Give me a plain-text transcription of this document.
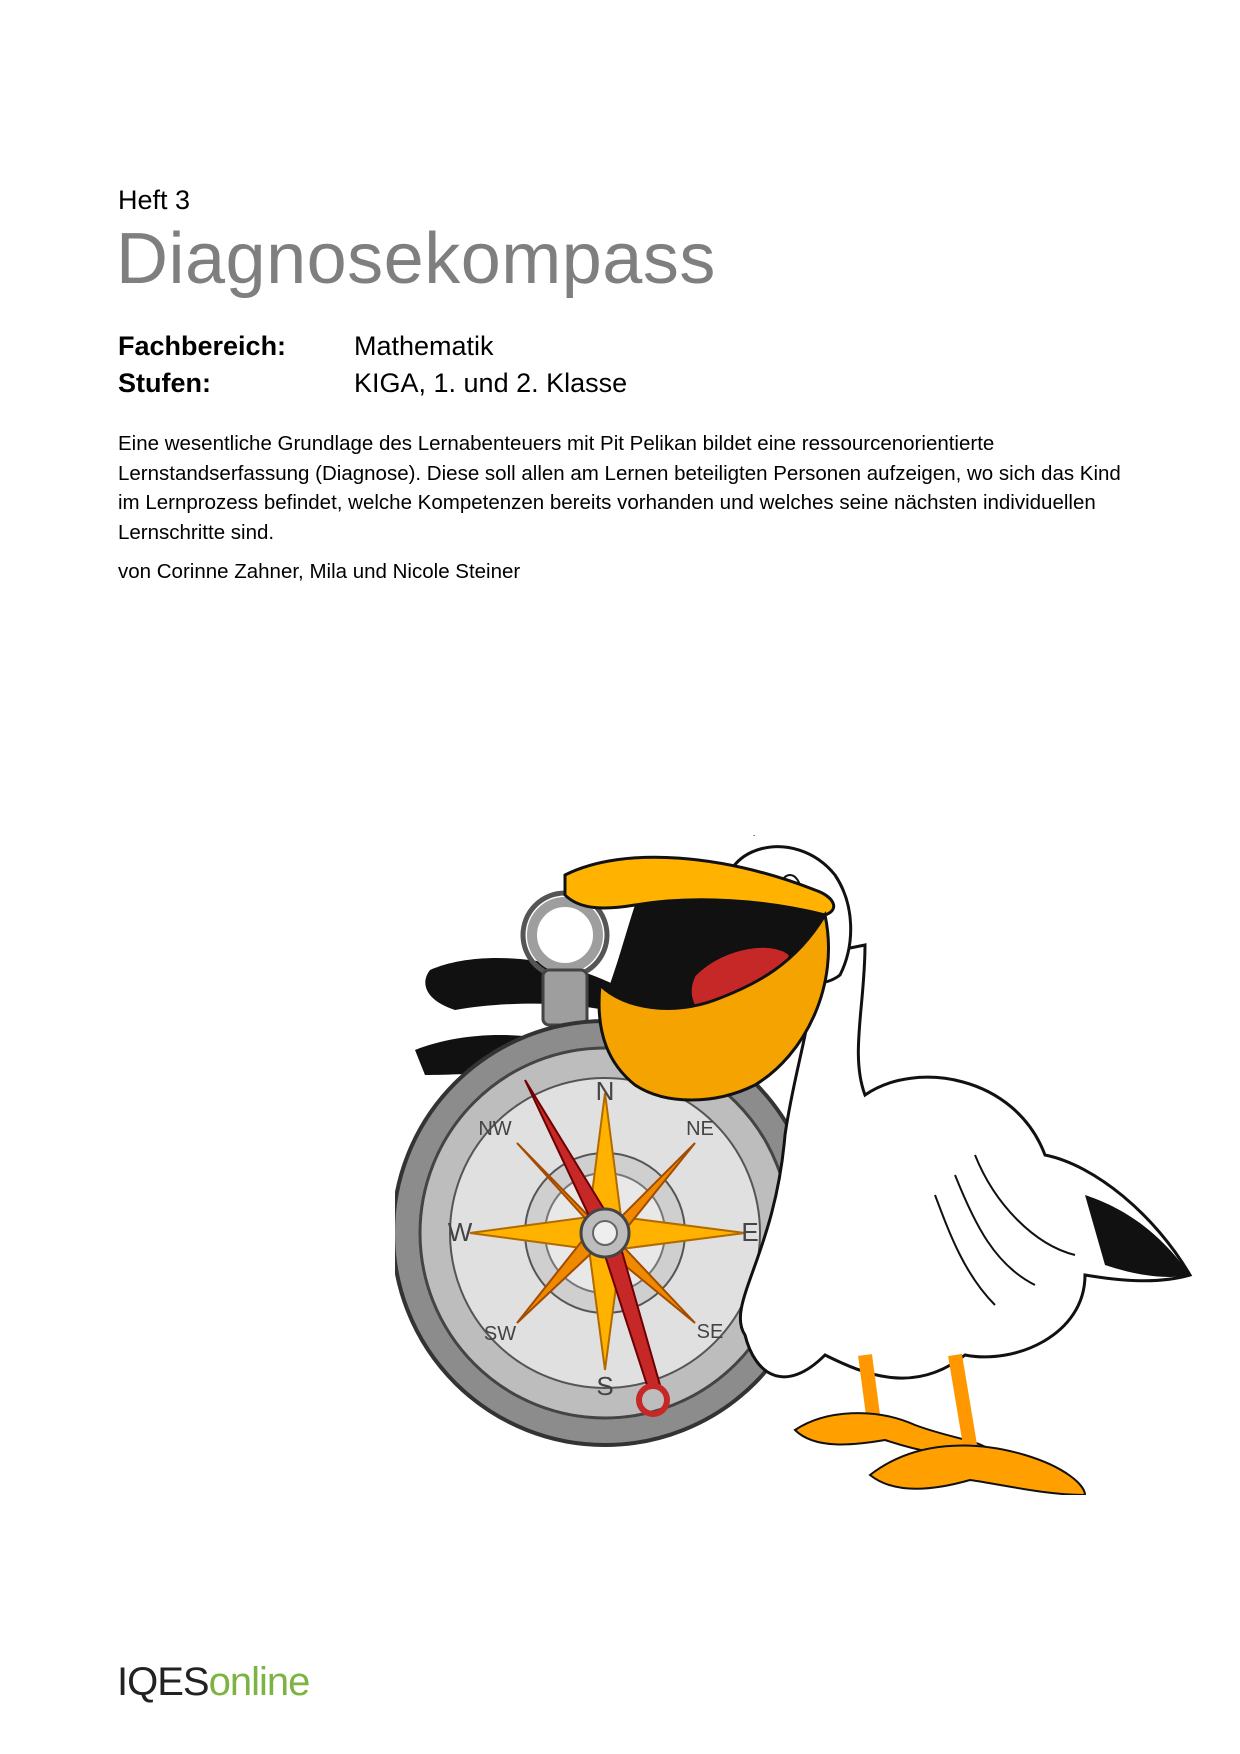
Heft 3
Diagnosekompass
Fachbereich:	Mathematik
Stufen:	KIGA, 1. und 2. Klasse
Eine wesentliche Grundlage des Lernabenteuers mit Pit Pelikan bildet eine ressourcenorientierte Lernstandserfassung (Diagnose). Diese soll allen am Lernen beteiligten Personen aufzeigen, wo sich das Kind im Lernprozess befindet, welche Kompetenzen bereits vorhanden und welches seine nächsten individuellen Lernschritte sind.
von Corinne Zahner, Mila und Nicole Steiner
N
NE
E
SE
S
SW
W
NW
IQESonline
